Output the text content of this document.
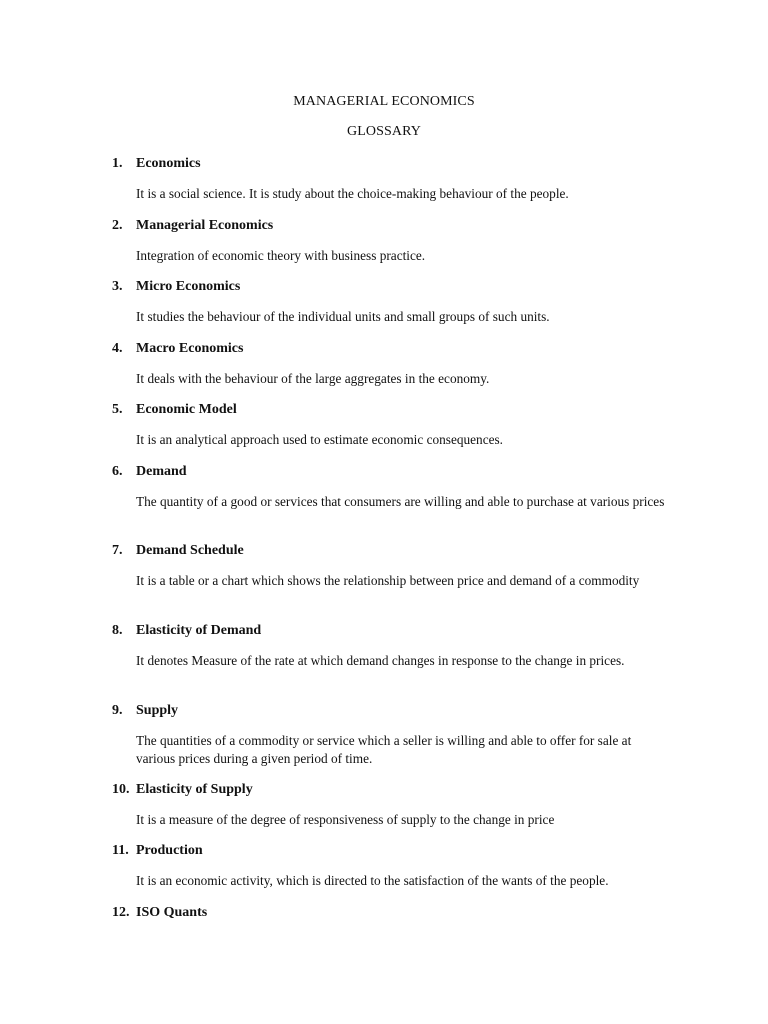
MANAGERIAL ECONOMICS
GLOSSARY
1. Economics
It is a social science. It is study about the choice-making behaviour of the people.
2. Managerial Economics
Integration of economic theory with business practice.
3. Micro Economics
It studies the behaviour of the individual units and small groups of such units.
4. Macro Economics
It deals with the behaviour of the large aggregates in the economy.
5. Economic Model
It is an analytical approach used to estimate economic consequences.
6. Demand
The quantity of a good or services that consumers are willing and able to purchase at various prices
7. Demand Schedule
It is a table or a chart which shows the relationship between price and demand of a commodity
8. Elasticity of Demand
It denotes Measure of the rate at which demand changes in response to the change in prices.
9. Supply
The quantities of a commodity or service which a seller is willing and able to offer for sale at various prices during a given period of time.
10. Elasticity of Supply
It is a measure of the degree of responsiveness of supply to the change in price
11. Production
It is an economic activity, which is directed to the satisfaction of the wants of the people.
12. ISO Quants
